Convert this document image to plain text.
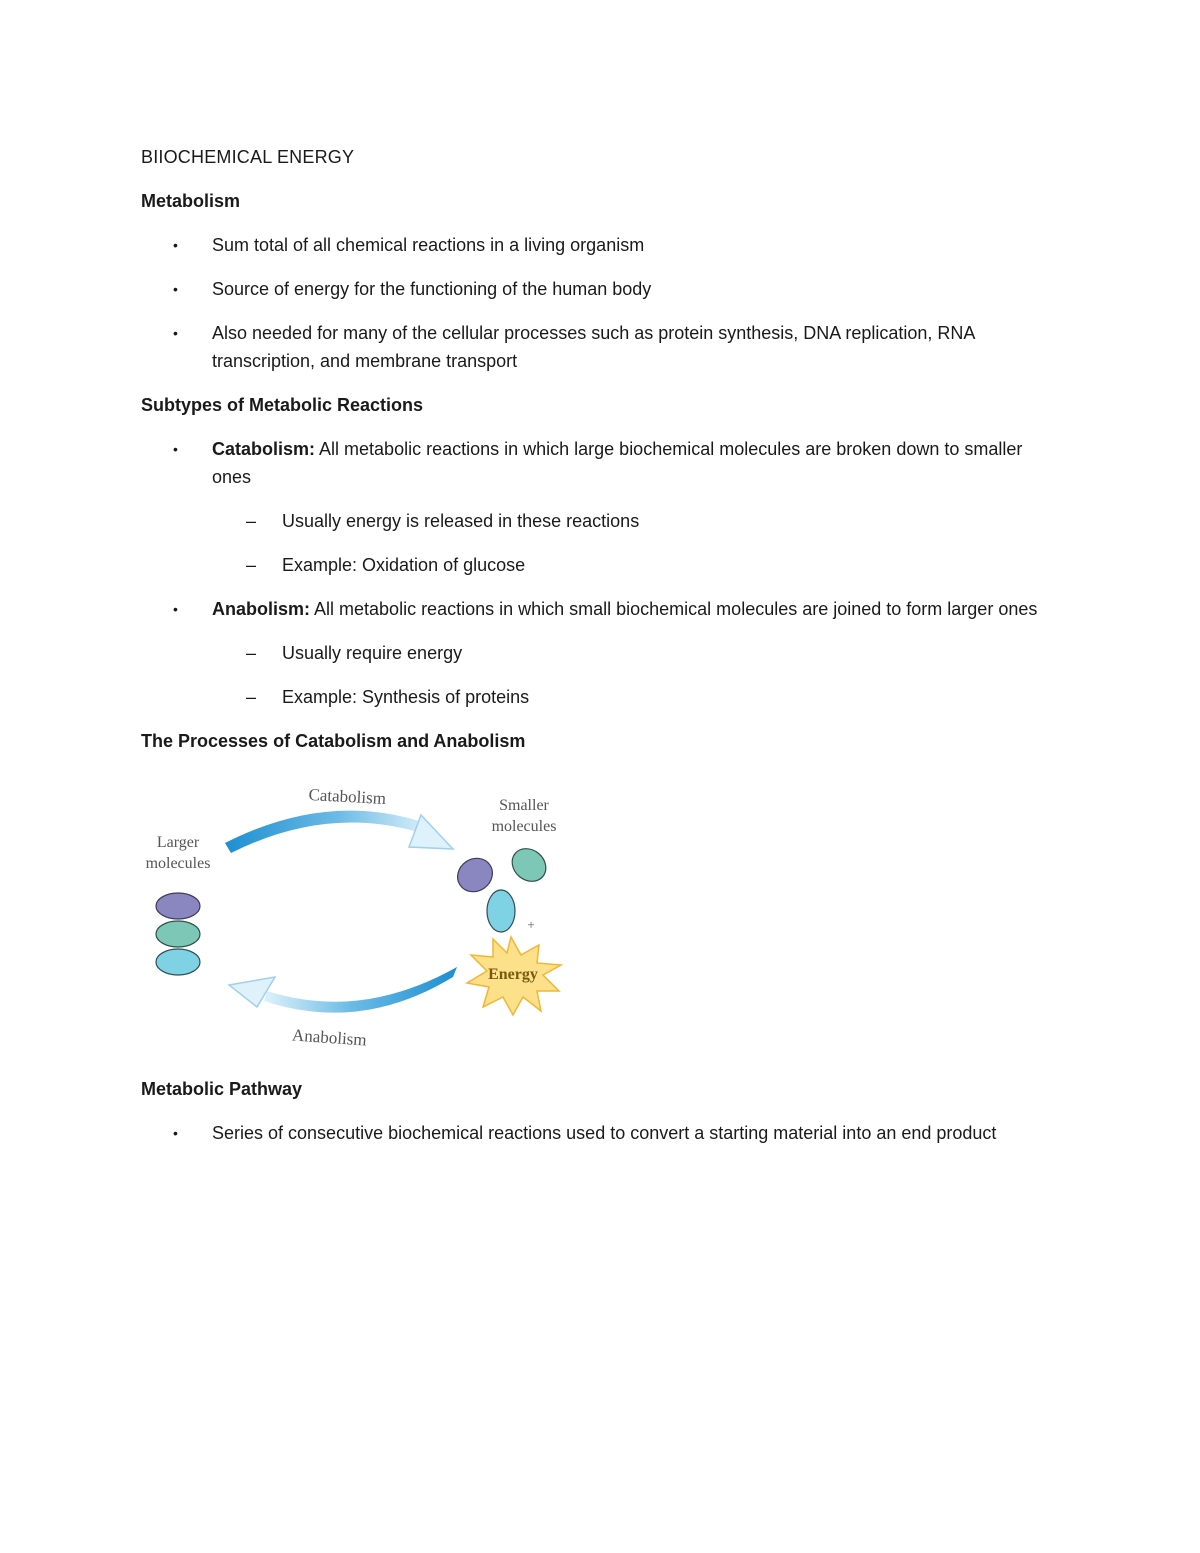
BIIOCHEMICAL ENERGY
Metabolism
• Sum total of all chemical reactions in a living organism
• Source of energy for the functioning of the human body
• Also needed for many of the cellular processes such as protein synthesis, DNA replication, RNA transcription, and membrane transport
Subtypes of Metabolic Reactions
• Catabolism: All metabolic reactions in which large biochemical molecules are broken down to smaller ones
– Usually energy is released in these reactions
– Example: Oxidation of glucose
• Anabolism: All metabolic reactions in which small biochemical molecules are joined to form larger ones
– Usually require energy
– Example: Synthesis of proteins
The Processes of Catabolism and Anabolism
Catabolism
Anabolism
Larger
molecules
Smaller
molecules
+
Energy
Metabolic Pathway
• Series of consecutive biochemical reactions used to convert a starting material into an end product
